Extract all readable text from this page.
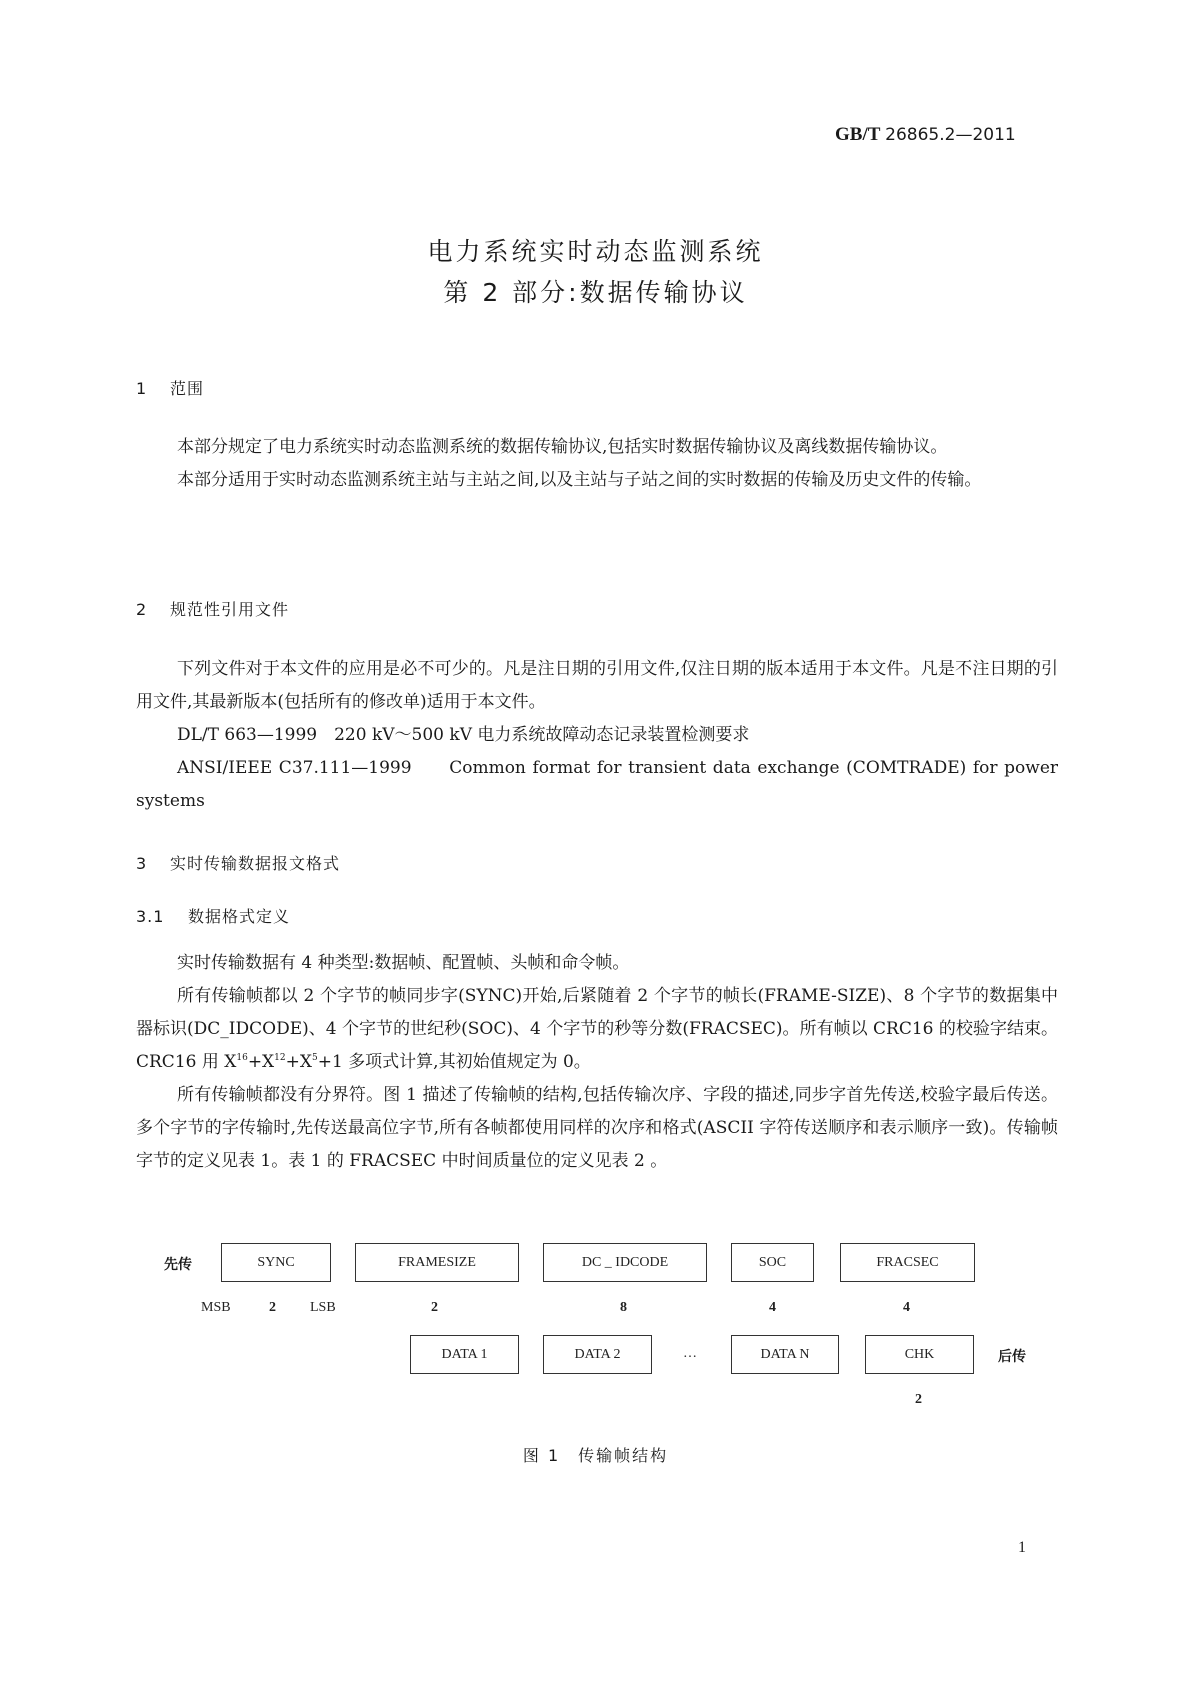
GB/T 26865.2—2011
电力系统实时动态监测系统
第 2 部分:数据传输协议
1 范围

本部分规定了电力系统实时动态监测系统的数据传输协议,包括实时数据传输协议及离线数据传输协议。

本部分适用于实时动态监测系统主站与主站之间,以及主站与子站之间的实时数据的传输及历史文件的传输。

2 规范性引用文件

下列文件对于本文件的应用是必不可少的。凡是注日期的引用文件,仅注日期的版本适用于本文件。凡是不注日期的引用文件,其最新版本(包括所有的修改单)适用于本文件。

DL/T 663—1999　 220 kV～500 kV 电力系统故障动态记录装置检测要求

ANSI/IEEE C37.111—1999　　 Common format for transient data exchange (COMTRADE) for power systems

3 实时传输数据报文格式
3.1 数据格式定义

实时传输数据有 4 种类型:数据帧、配置帧、头帧和命令帧。

所有传输帧都以 2 个字节的帧同步字(SYNC)开始,后紧随着 2 个字节的帧长(FRAME-SIZE)、8 个字节的数据集中器标识(DC_IDCODE)、4 个字节的世纪秒(SOC)、4 个字节的秒等分数(FRACSEC)。所有帧以 CRC16 的校验字结束。CRC16 用 $X^{16}+X^{12}+X^5+1$ 多项式计算,其初始值规定为 0。

所有传输帧都没有分界符。图 1 描述了传输帧的结构,包括传输次序、字段的描述,同步字首先传送,校验字最后传送。多个字节的字传输时,先传送最高位字节,所有各帧都使用同样的次序和格式(ASCII 字符传送顺序和表示顺序一致)。传输帧字节的定义见表 1。表 1 的 FRACSEC 中时间质量位的定义见表 2 。

先传	SYNC	FRAMESIZE	DC _ IDCODE	SOC	FRACSEC
MSB	2 LSB	2	8	4	4
DATA 1	DATA 2	…	DATA N	CHK	后传
2
图 1　传输帧结构
1
